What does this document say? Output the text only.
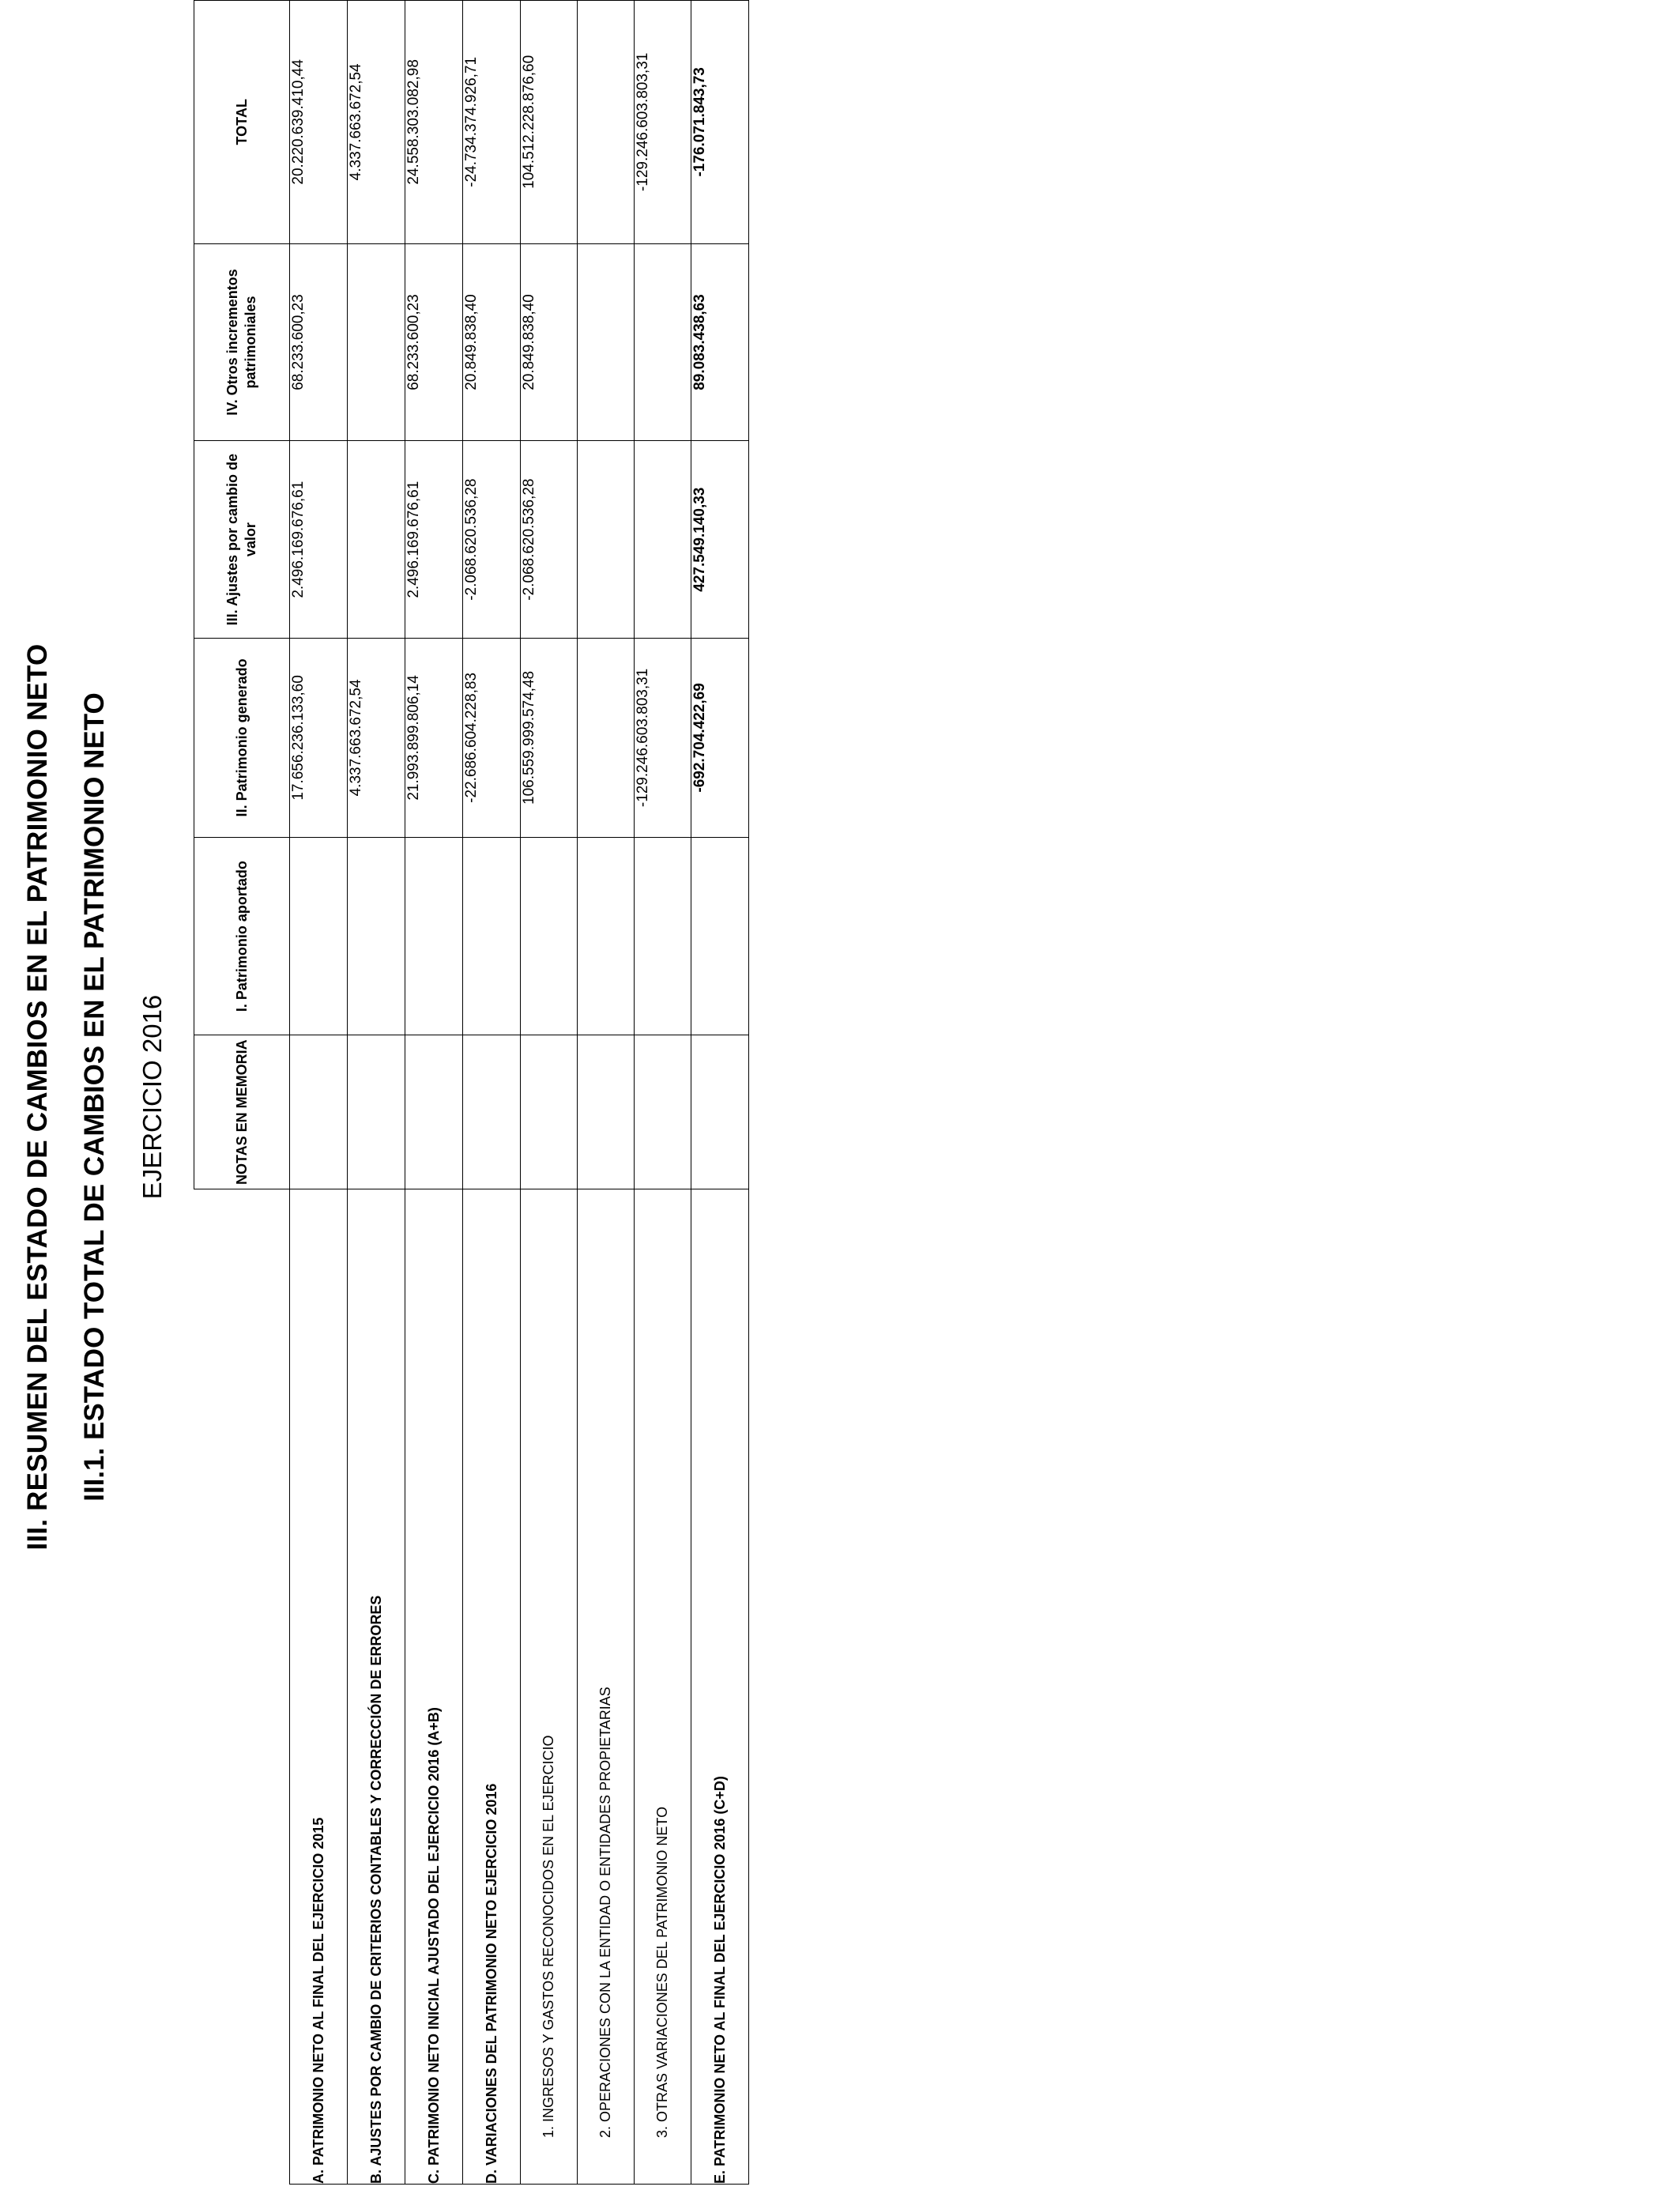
III. RESUMEN DEL ESTADO DE CAMBIOS EN EL PATRIMONIO NETO III.1. ESTADO TOTAL DE CAMBIOS EN EL PATRIMONIO NETO EJERCICIO 2016
		NOTAS EN MEMORIA	I. Patrimonio aportado	II. Patrimonio generado	III. Ajustes por cambio de valor	IV. Otros incrementos patrimoniales	TOTAL
A. PATRIMONIO NETO AL FINAL DEL EJERCICIO 2015			17.656.236.133,60	2.496.169.676,61	68.233.600,23	20.220.639.410,44
B. AJUSTES POR CAMBIO DE CRITERIOS CONTABLES Y CORRECCIÓN DE ERRORES			4.337.663.672,54			4.337.663.672,54
C. PATRIMONIO NETO INICIAL AJUSTADO DEL EJERCICIO 2016 (A+B)			21.993.899.806,14	2.496.169.676,61	68.233.600,23	24.558.303.082,98
D. VARIACIONES DEL PATRIMONIO NETO EJERCICIO 2016			-22.686.604.228,83	-2.068.620.536,28	20.849.838,40	-24.734.374.926,71
1. INGRESOS Y GASTOS RECONOCIDOS EN EL EJERCICIO			106.559.999.574,48	-2.068.620.536,28	20.849.838,40	104.512.228.876,60
2. OPERACIONES CON LA ENTIDAD O ENTIDADES PROPIETARIAS						
3. OTRAS VARIACIONES DEL PATRIMONIO NETO			-129.246.603.803,31			-129.246.603.803,31
E. PATRIMONIO NETO AL FINAL DEL EJERCICIO 2016 (C+D)			-692.704.422,69	427.549.140,33	89.083.438,63	-176.071.843,73
